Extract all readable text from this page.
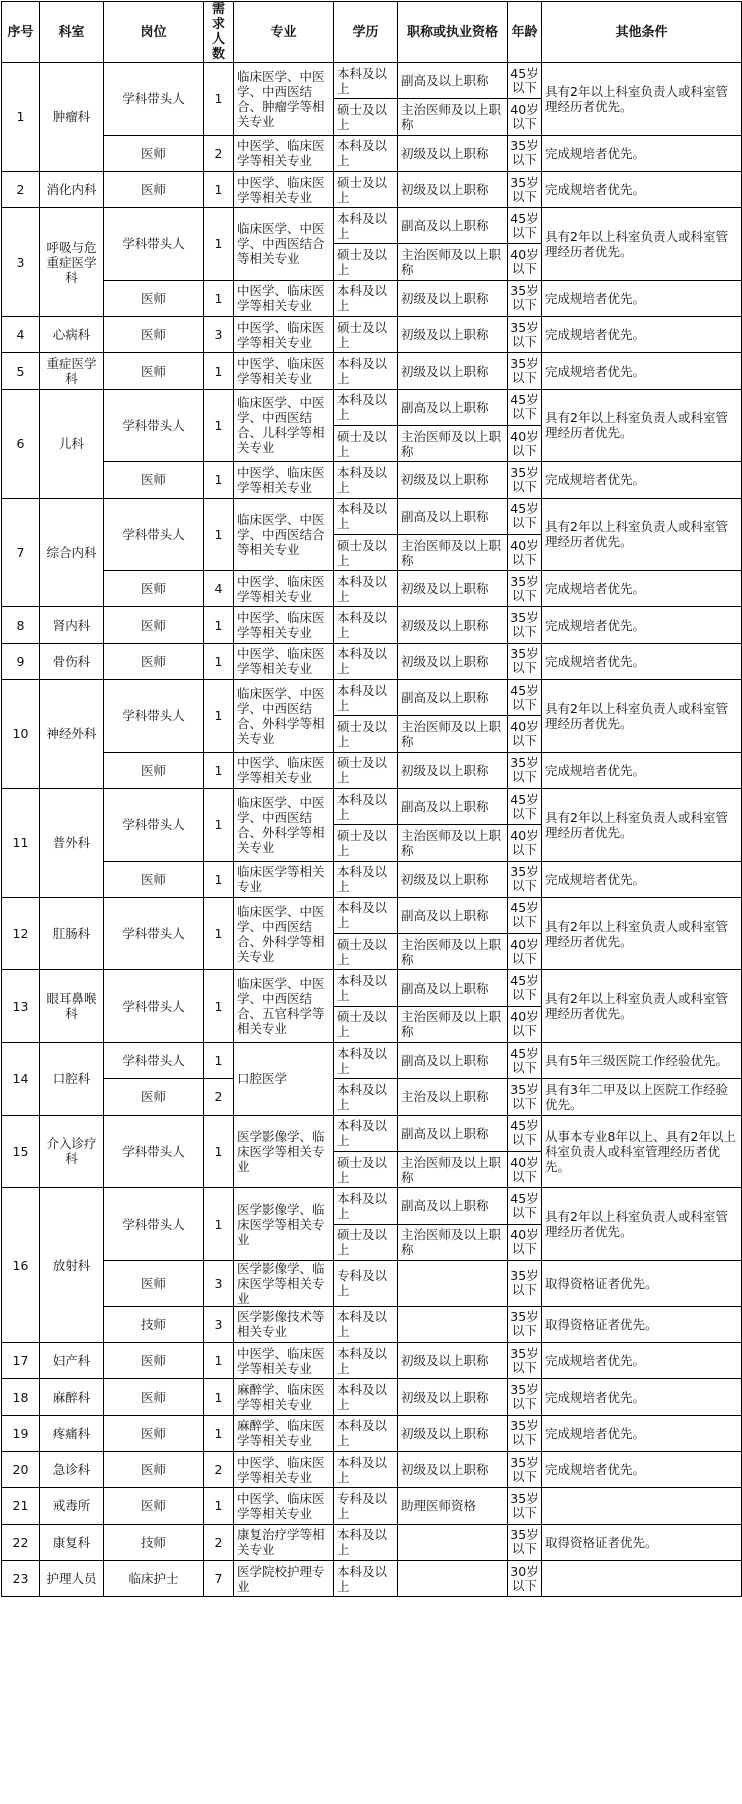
序号	科室	岗位	需求人数	专业	学历	职称或执业资格	年龄	其他条件
1	肿瘤科	学科带头人	1	临床医学、中医学、中西医结合、肿瘤学等相关专业	本科及以上	副高及以上职称	45岁以下	具有2年以上科室负责人或科室管理经历者优先。
					硕士及以上	主治医师及以上职称	40岁以下	
		医师	2	中医学、临床医学等相关专业	本科及以上	初级及以上职称	35岁以下	完成规培者优先。
2	消化内科	医师	1	中医学、临床医学等相关专业	硕士及以上	初级及以上职称	35岁以下	完成规培者优先。
3	呼吸与危重症医学科	学科带头人	1	临床医学、中医学、中西医结合等相关专业	本科及以上	副高及以上职称	45岁以下	具有2年以上科室负责人或科室管理经历者优先。
					硕士及以上	主治医师及以上职称	40岁以下	
		医师	1	中医学、临床医学等相关专业	本科及以上	初级及以上职称	35岁以下	完成规培者优先。
4	心病科	医师	3	中医学、临床医学等相关专业	硕士及以上	初级及以上职称	35岁以下	完成规培者优先。
5	重症医学科	医师	1	中医学、临床医学等相关专业	本科及以上	初级及以上职称	35岁以下	完成规培者优先。
6	儿科	学科带头人	1	临床医学、中医学、中西医结合、儿科学等相关专业	本科及以上	副高及以上职称	45岁以下	具有2年以上科室负责人或科室管理经历者优先。
					硕士及以上	主治医师及以上职称	40岁以下	
		医师	1	中医学、临床医学等相关专业	本科及以上	初级及以上职称	35岁以下	完成规培者优先。
7	综合内科	学科带头人	1	临床医学、中医学、中西医结合等相关专业	本科及以上	副高及以上职称	45岁以下	具有2年以上科室负责人或科室管理经历者优先。
					硕士及以上	主治医师及以上职称	40岁以下	
		医师	4	中医学、临床医学等相关专业	本科及以上	初级及以上职称	35岁以下	完成规培者优先。
8	肾内科	医师	1	中医学、临床医学等相关专业	本科及以上	初级及以上职称	35岁以下	完成规培者优先。
9	骨伤科	医师	1	中医学、临床医学等相关专业	本科及以上	初级及以上职称	35岁以下	完成规培者优先。
10	神经外科	学科带头人	1	临床医学、中医学、中西医结合、外科学等相关专业	本科及以上	副高及以上职称	45岁以下	具有2年以上科室负责人或科室管理经历者优先。
					硕士及以上	主治医师及以上职称	40岁以下	
		医师	1	中医学、临床医学等相关专业	硕士及以上	初级及以上职称	35岁以下	完成规培者优先。
11	普外科	学科带头人	1	临床医学、中医学、中西医结合、外科学等相关专业	本科及以上	副高及以上职称	45岁以下	具有2年以上科室负责人或科室管理经历者优先。
					硕士及以上	主治医师及以上职称	40岁以下	
		医师	1	临床医学等相关专业	本科及以上	初级及以上职称	35岁以下	完成规培者优先。
12	肛肠科	学科带头人	1	临床医学、中医学、中西医结合、外科学等相关专业	本科及以上	副高及以上职称	45岁以下	具有2年以上科室负责人或科室管理经历者优先。
					硕士及以上	主治医师及以上职称	40岁以下	
13	眼耳鼻喉科	学科带头人	1	临床医学、中医学、中西医结合、五官科学等相关专业	本科及以上	副高及以上职称	45岁以下	具有2年以上科室负责人或科室管理经历者优先。
					硕士及以上	主治医师及以上职称	40岁以下	
14	口腔科	学科带头人	1	口腔医学	本科及以上	副高及以上职称	45岁以下	具有5年三级医院工作经验优先。
		医师	2		本科及以上	主治及以上职称	35岁以下	具有3年二甲及以上医院工作经验优先。
15	介入诊疗科	学科带头人	1	医学影像学、临床医学等相关专业	本科及以上	副高及以上职称	45岁以下	从事本专业8年以上、具有2年以上科室负责人或科室管理经历者优先。
					硕士及以上	主治医师及以上职称	40岁以下	
16	放射科	学科带头人	1	医学影像学、临床医学等相关专业	本科及以上	副高及以上职称	45岁以下	具有2年以上科室负责人或科室管理经历者优先。
					硕士及以上	主治医师及以上职称	40岁以下	
		医师	3	医学影像学、临床医学等相关专业	专科及以上		35岁以下	取得资格证者优先。
		技师	3	医学影像技术等相关专业	本科及以上		35岁以下	取得资格证者优先。
17	妇产科	医师	1	中医学、临床医学等相关专业	本科及以上	初级及以上职称	35岁以下	完成规培者优先。
18	麻醉科	医师	1	麻醉学、临床医学等相关专业	本科及以上	初级及以上职称	35岁以下	完成规培者优先。
19	疼痛科	医师	1	麻醉学、临床医学等相关专业	本科及以上	初级及以上职称	35岁以下	完成规培者优先。
20	急诊科	医师	2	中医学、临床医学等相关专业	本科及以上	初级及以上职称	35岁以下	完成规培者优先。
21	戒毒所	医师	1	中医学、临床医学等相关专业	专科及以上	助理医师资格	35岁以下	
22	康复科	技师	2	康复治疗学等相关专业	本科及以上		35岁以下	取得资格证者优先。
23	护理人员	临床护士	7	医学院校护理专业	本科及以上		30岁以下	
